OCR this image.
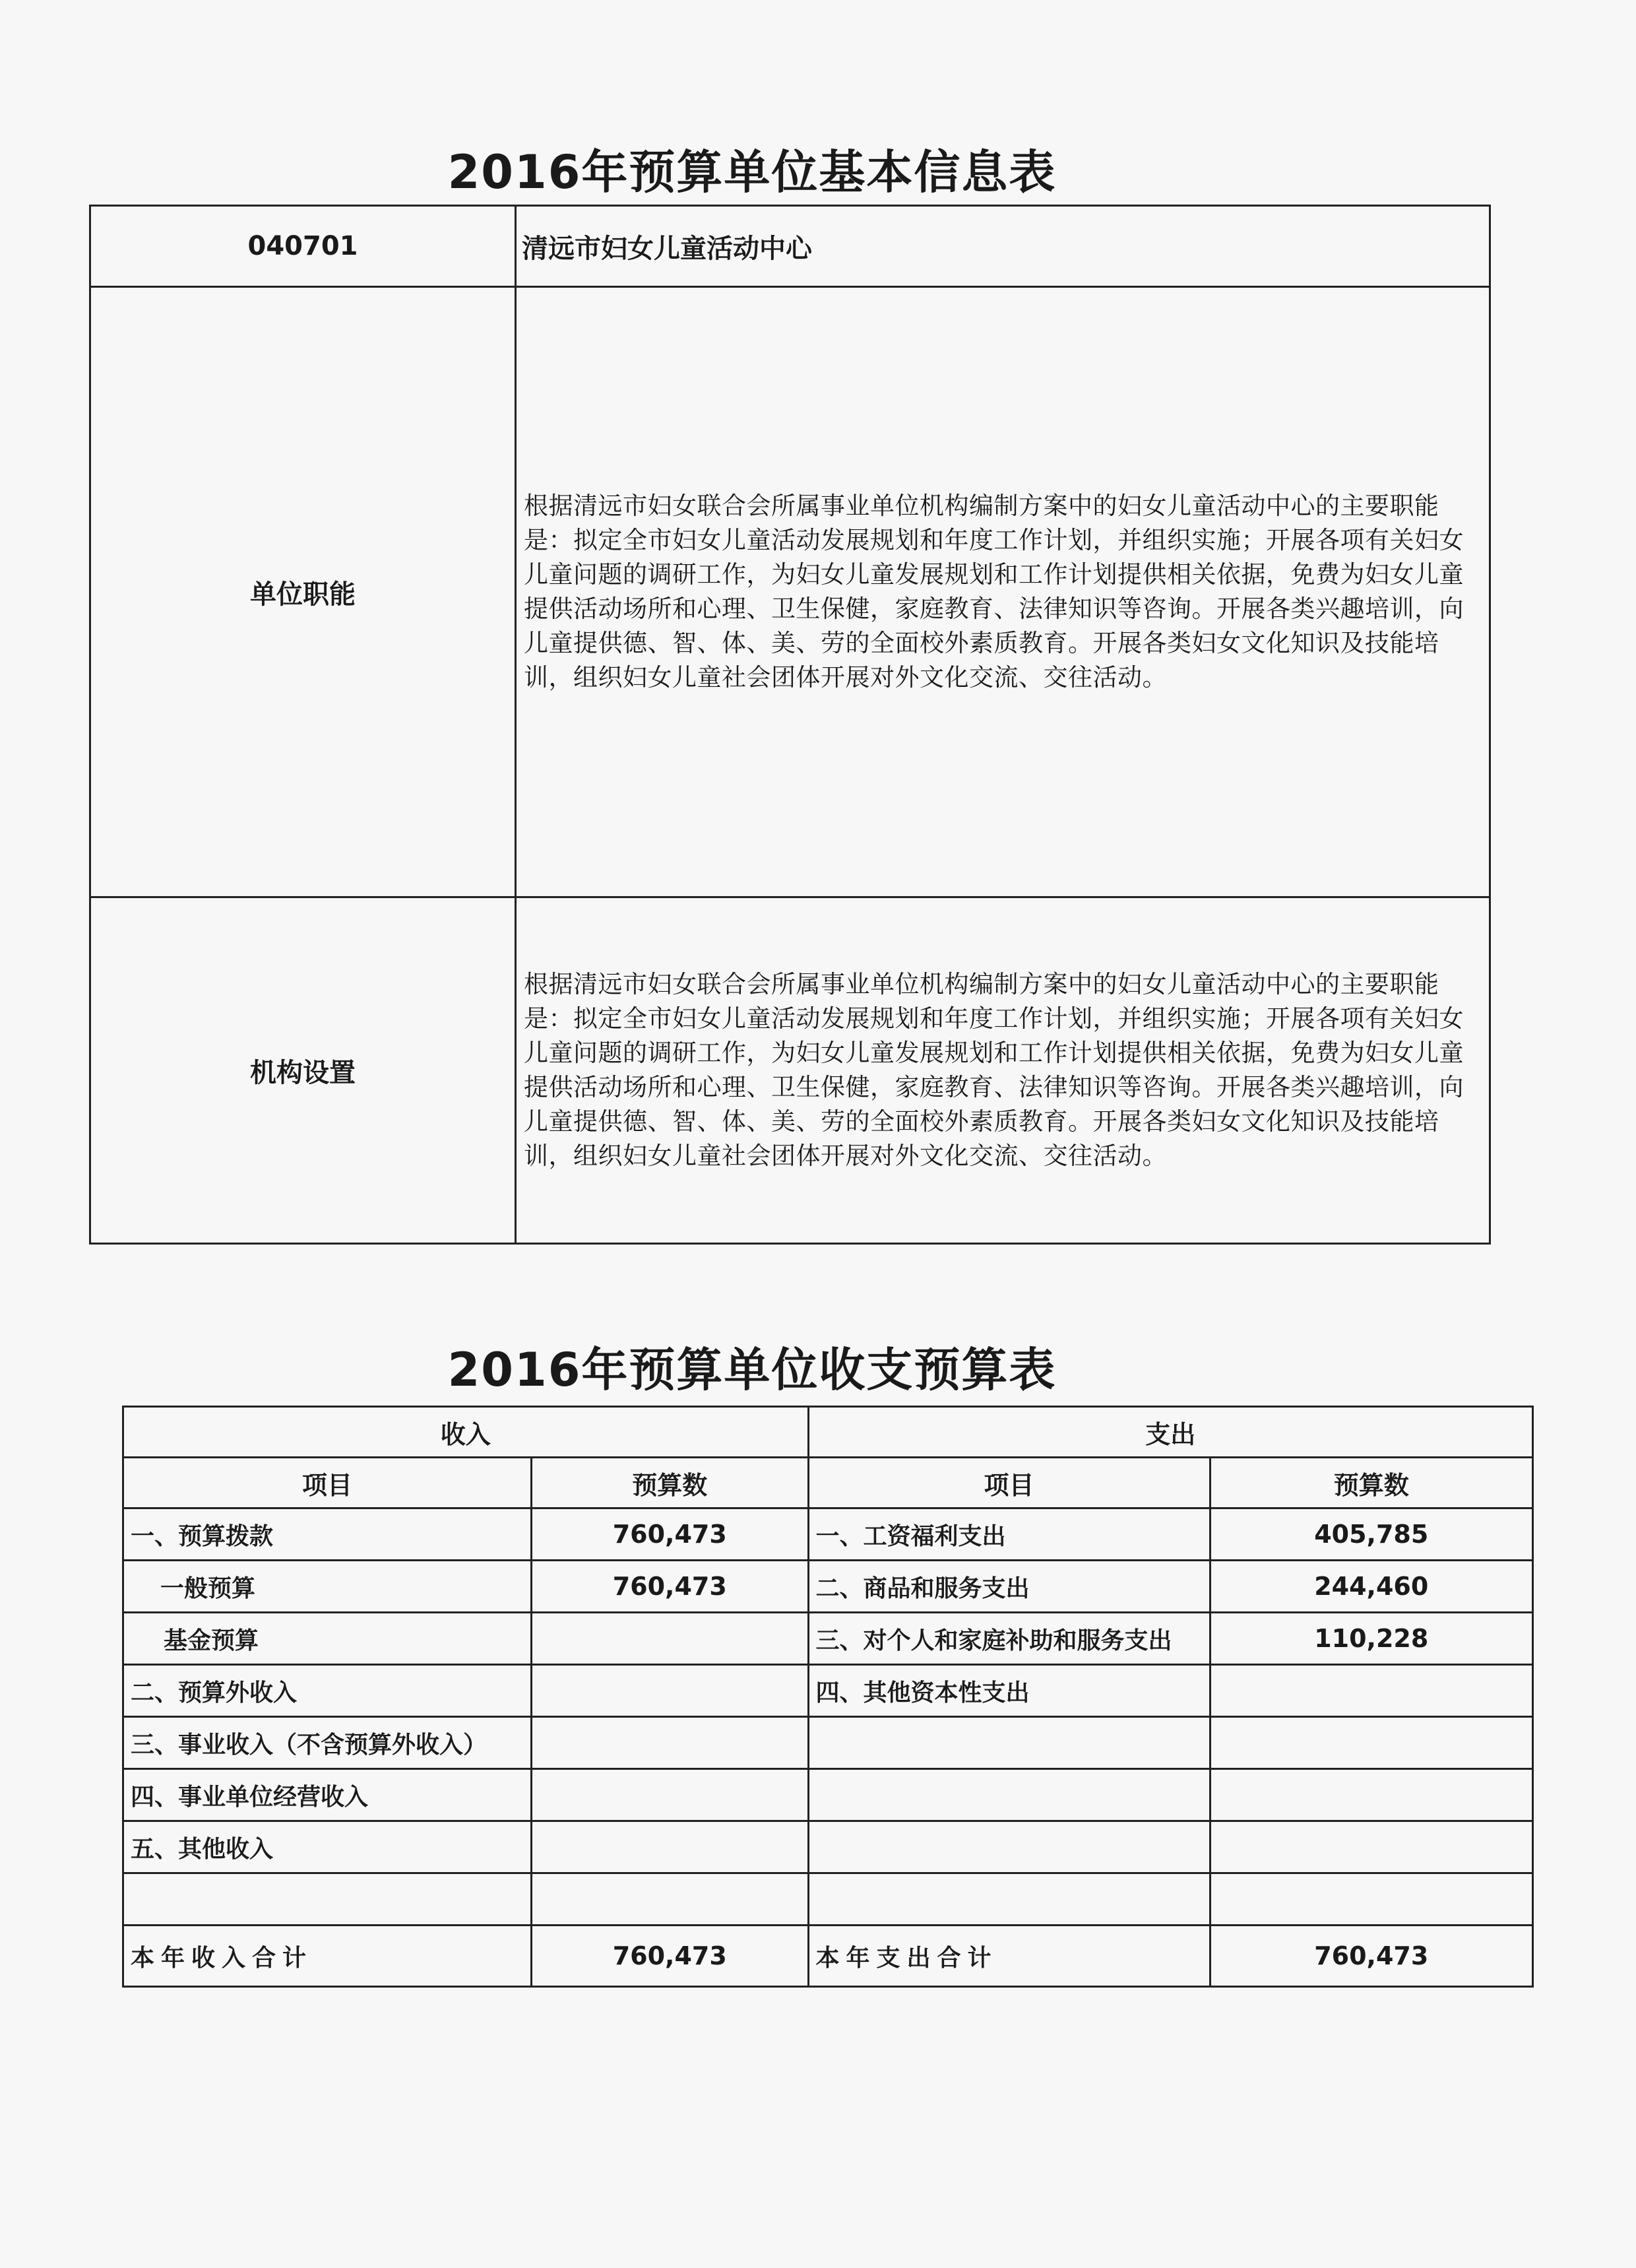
2016年预算单位基本信息表
040701	清远市妇女儿童活动中心
单位职能	根据清远市妇女联合会所属事业单位机构编制方案中的妇女儿童活动中心的主要职能是：拟定全市妇女儿童活动发展规划和年度工作计划，并组织实施；开展各项有关妇女儿童问题的调研工作，为妇女儿童发展规划和工作计划提供相关依据，免费为妇女儿童提供活动场所和心理、卫生保健，家庭教育、法律知识等咨询。开展各类兴趣培训，向儿童提供德、智、体、美、劳的全面校外素质教育。开展各类妇女文化知识及技能培训，组织妇女儿童社会团体开展对外文化交流、交往活动。

机构设置	根据清远市妇女联合会所属事业单位机构编制方案中的妇女儿童活动中心的主要职能是：拟定全市妇女儿童活动发展规划和年度工作计划，并组织实施；开展各项有关妇女儿童问题的调研工作，为妇女儿童发展规划和工作计划提供相关依据，免费为妇女儿童提供活动场所和心理、卫生保健，家庭教育、法律知识等咨询。开展各类兴趣培训，向儿童提供德、智、体、美、劳的全面校外素质教育。开展各类妇女文化知识及技能培训，组织妇女儿童社会团体开展对外文化交流、交往活动。
2016年预算单位收支预算表
收入		支出	
项目	预算数	项目	预算数
一、预算拨款	760,473	一、工资福利支出	405,785
一般预算	760,473	二、商品和服务支出	244,460
基金预算		三、对个人和家庭补助和服务支出	110,228
二、预算外收入		四、其他资本性支出	
三、事业收入（不含预算外收入）			
四、事业单位经营收入			
五、其他收入			

本年收入合计	760,473	本年支出合计	760,473
